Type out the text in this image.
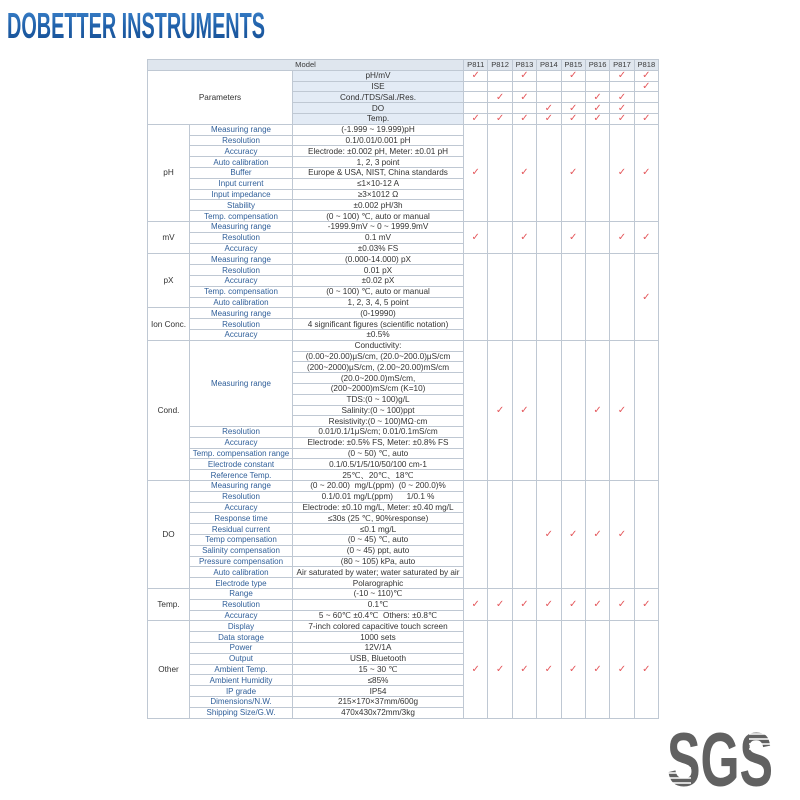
DOBETTER INSTRUMENTS
Model			P811	P812	P813	P814	P815	P816	P817	P818
Parameters		pH/mV	✓		✓		✓		✓	✓
		ISE								✓
		Cond./TDS/Sal./Res.		✓	✓			✓	✓	
		DO				✓	✓	✓	✓	
		Temp.	✓	✓	✓	✓	✓	✓	✓	✓
pH	Measuring range	(-1.999 ~ 19.999)pH	✓		✓		✓		✓	✓
	Resolution	0.1/0.01/0.001 pH								
	Accuracy	Electrode: ±0.002 pH, Meter: ±0.01 pH								
	Auto calibration	1, 2, 3 point								
	Buffer	Europe & USA, NIST, China standards								
	Input current	≤1×10-12 A								
	Input impedance	≥3×1012 Ω								
	Stability	±0.002 pH/3h								
	Temp. compensation	(0 ~ 100) ℃, auto or manual								
mV	Measuring range	-1999.9mV ~ 0 ~ 1999.9mV	✓		✓		✓		✓	✓
	Resolution	0.1 mV								
	Accuracy	±0.03% FS								
pX	Measuring range	(0.000-14.000) pX								✓
	Resolution	0.01 pX								
	Accuracy	±0.02 pX								
	Temp. compensation	(0 ~ 100) ℃, auto or manual								
	Auto calibration	1, 2, 3, 4, 5 point								
Ion Conc.	Measuring range	(0-19990)								
	Resolution	4 significant figures (scientific notation)								
	Accuracy	±0.5%								
Cond.	Measuring range	Conductivity:		✓	✓			✓	✓	
		(0.00~20.00)μS/cm, (20.0~200.0)μS/cm								
		(200~2000)μS/cm, (2.00~20.00)mS/cm								
		(20.0~200.0)mS/cm,								
		(200~2000)mS/cm (K=10)								
		TDS:(0 ~ 100)g/L								
		Salinity:(0 ~ 100)ppt								
		Resistivity:(0 ~ 100)MΩ·cm								
	Resolution	0.01/0.1/1μS/cm; 0.01/0.1mS/cm								
	Accuracy	Electrode: ±0.5% FS, Meter: ±0.8% FS								
	Temp. compensation range	(0 ~ 50) ℃, auto								
	Electrode constant	0.1/0.5/1/5/10/50/100 cm-1								
	Reference Temp.	25℃、20℃、18℃								
DO	Measuring range	(0 ~ 20.00)  mg/L(ppm)  (0 ~ 200.0)%				✓	✓	✓	✓	
	Resolution	0.1/0.01 mg/L(ppm)      1/0.1 %								
	Accuracy	Electrode: ±0.10 mg/L, Meter: ±0.40 mg/L								
	Response time	≤30s (25 ℃, 90%response)								
	Residual current	≤0.1 mg/L								
	Temp compensation	(0 ~ 45) ℃, auto								
	Salinity compensation	(0 ~ 45) ppt, auto								
	Pressure compensation	(80 ~ 105) kPa, auto								
	Auto calibration	Air saturated by water; water saturated by air								
	Electrode type	Polarographic								
Temp.	Range	(-10 ~ 110)℃	✓	✓	✓	✓	✓	✓	✓	✓
	Resolution	0.1℃								
	Accuracy	5 ~ 60℃ ±0.4℃  Others: ±0.8℃								
Other	Display	7-inch colored capacitive touch screen	✓	✓	✓	✓	✓	✓	✓	✓
	Data storage	1000 sets								
	Power	12V/1A								
	Output	USB, Bluetooth								
	Ambient Temp.	15 ~ 30 ℃								
	Ambient Humidity	≤85%								
	IP grade	IP54								
	Dimensions/N.W.	215×170×37mm/600g								
	Shipping Size/G.W.	470x430x72mm/3kg								
SGS
